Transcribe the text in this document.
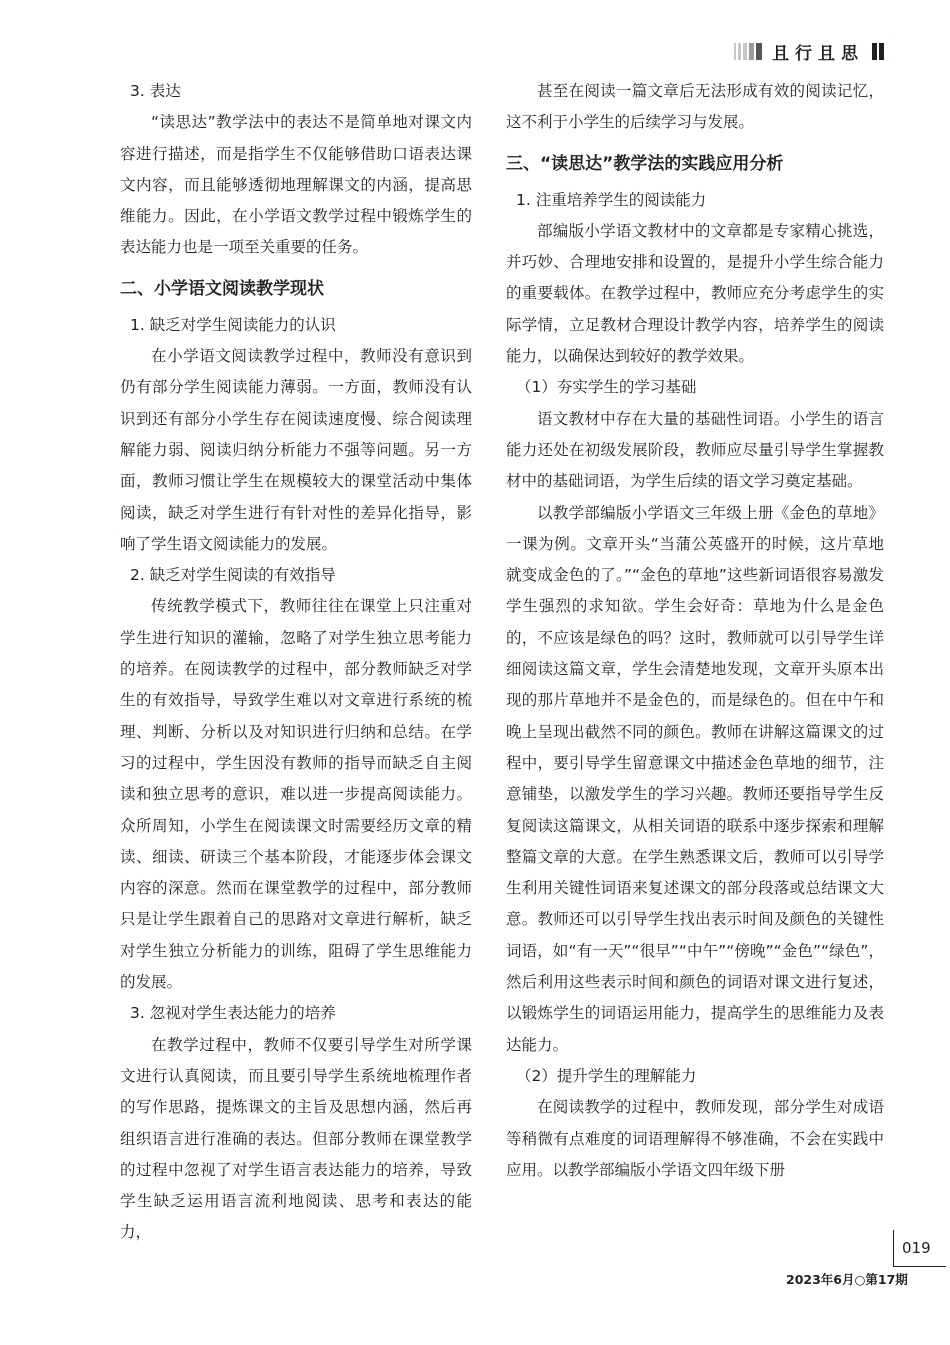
且行且思

3. 表达

“读思达”教学法中的表达不是简单地对课文内容进行描述，而是指学生不仅能够借助口语表达课文内容，而且能够透彻地理解课文的内涵，提高思维能力。因此，在小学语文教学过程中锻炼学生的表达能力也是一项至关重要的任务。

二、小学语文阅读教学现状

1. 缺乏对学生阅读能力的认识

在小学语文阅读教学过程中，教师没有意识到仍有部分学生阅读能力薄弱。一方面，教师没有认识到还有部分小学生存在阅读速度慢、综合阅读理解能力弱、阅读归纳分析能力不强等问题。另一方面，教师习惯让学生在规模较大的课堂活动中集体阅读，缺乏对学生进行有针对性的差异化指导，影响了学生语文阅读能力的发展。

2. 缺乏对学生阅读的有效指导

传统教学模式下，教师往往在课堂上只注重对学生进行知识的灌输，忽略了对学生独立思考能力的培养。在阅读教学的过程中，部分教师缺乏对学生的有效指导，导致学生难以对文章进行系统的梳理、判断、分析以及对知识进行归纳和总结。在学习的过程中，学生因没有教师的指导而缺乏自主阅读和独立思考的意识，难以进一步提高阅读能力。众所周知，小学生在阅读课文时需要经历文章的精读、细读、研读三个基本阶段，才能逐步体会课文内容的深意。然而在课堂教学的过程中，部分教师只是让学生跟着自己的思路对文章进行解析，缺乏对学生独立分析能力的训练，阻碍了学生思维能力的发展。

3. 忽视对学生表达能力的培养

在教学过程中，教师不仅要引导学生对所学课文进行认真阅读，而且要引导学生系统地梳理作者的写作思路，提炼课文的主旨及思想内涵，然后再组织语言进行准确的表达。但部分教师在课堂教学的过程中忽视了对学生语言表达能力的培养，导致学生缺乏运用语言流利地阅读、思考和表达的能力，

甚至在阅读一篇文章后无法形成有效的阅读记忆，这不利于小学生的后续学习与发展。

三、“读思达”教学法的实践应用分析

1. 注重培养学生的阅读能力

部编版小学语文教材中的文章都是专家精心挑选，并巧妙、合理地安排和设置的，是提升小学生综合能力的重要载体。在教学过程中，教师应充分考虑学生的实际学情，立足教材合理设计教学内容，培养学生的阅读能力，以确保达到较好的教学效果。

（1）夯实学生的学习基础

语文教材中存在大量的基础性词语。小学生的语言能力还处在初级发展阶段，教师应尽量引导学生掌握教材中的基础词语，为学生后续的语文学习奠定基础。

以教学部编版小学语文三年级上册《金色的草地》一课为例。文章开头“当蒲公英盛开的时候，这片草地就变成金色的了。”“金色的草地”这些新词语很容易激发学生强烈的求知欲。学生会好奇：草地为什么是金色的，不应该是绿色的吗？这时，教师就可以引导学生详细阅读这篇文章，学生会清楚地发现，文章开头原本出现的那片草地并不是金色的，而是绿色的。但在中午和晚上呈现出截然不同的颜色。教师在讲解这篇课文的过程中，要引导学生留意课文中描述金色草地的细节，注意铺垫，以激发学生的学习兴趣。教师还要指导学生反复阅读这篇课文，从相关词语的联系中逐步探索和理解整篇文章的大意。在学生熟悉课文后，教师可以引导学生利用关键性词语来复述课文的部分段落或总结课文大意。教师还可以引导学生找出表示时间及颜色的关键性词语，如“有一天”“很早”“中午”“傍晚”“金色”“绿色”，然后利用这些表示时间和颜色的词语对课文进行复述，以锻炼学生的词语运用能力，提高学生的思维能力及表达能力。

（2）提升学生的理解能力

在阅读教学的过程中，教师发现，部分学生对成语等稍微有点难度的词语理解得不够准确，不会在实践中应用。以教学部编版小学语文四年级下册

019
2023年6月○第17期
